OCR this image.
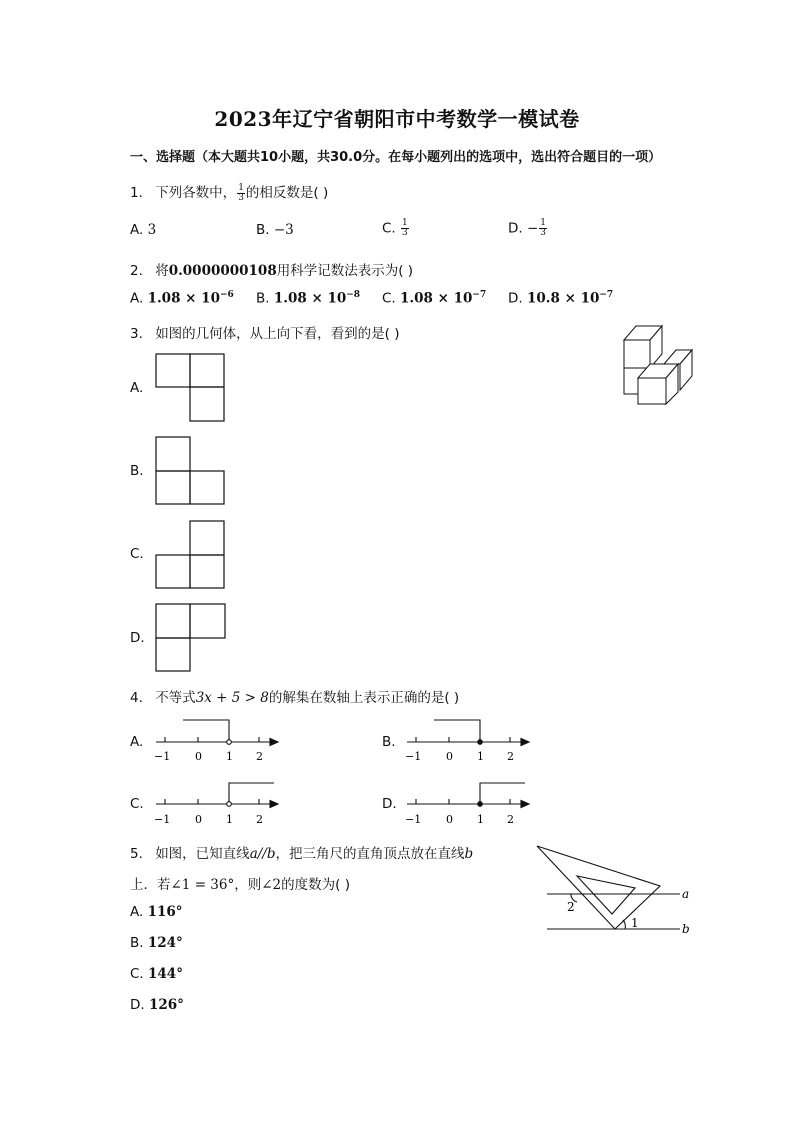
2023年辽宁省朝阳市中考数学一模试卷
一、选择题（本大题共10小题，共30.0分。在每小题列出的选项中，选出符合题目的一项）
1. 下列各数中， $\frac{1}{3}$ 的相反数是( )
A. 3	B. −3	C. $\frac{1}{3}$	D. − $\frac{1}{3}$
2. 将0.0000000108用科学记数法表示为( )
A. $1.08 \times 10^{-6}$ B. $1.08 \times 10^{-8}$ C. $1.08 \times 10^{-7}$ D. $10.8 \times 10^{-7}$
3. 如图的几何体，从上向下看，看到的是( )
A.
B.
C.
D.
4. 不等式3x + 5 > 8的解集在数轴上表示正确的是( )
A.
−1 0 1 2
B.
−1 0 1 2
C.
−1 0 1 2
D.
−1 0 1 2
5. 如图，已知直线a//b，把三角尺的直角顶点放在直线b
上．若∠1 = 36°，则∠2的度数为( )
A. 116°
B. 124°
C. 144°
D. 126°
a
b
1
2
